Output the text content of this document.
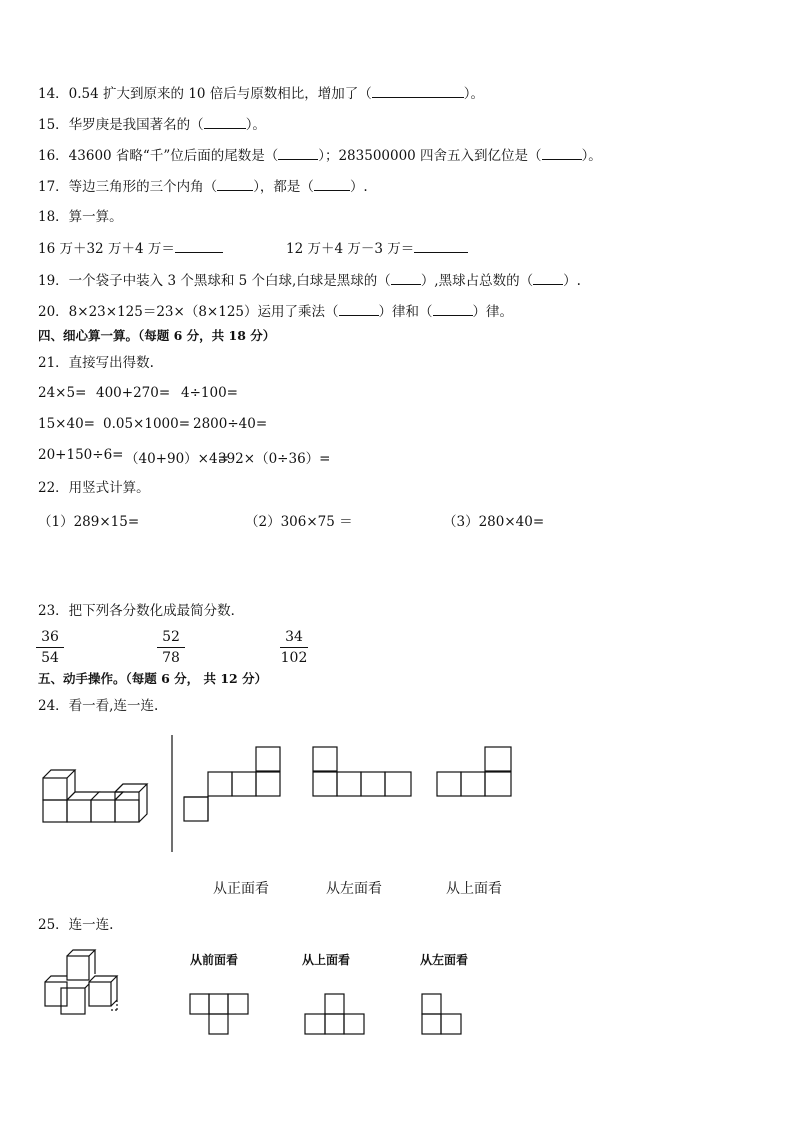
14．0.54 扩大到原来的 10 倍后与原数相比，增加了（	）。
15．华罗庚是我国著名的（	）。
16．43600 省略“千”位后面的尾数是（	）；283500000 四舍五入到亿位是（	）。
17．等边三角形的三个内角（	），都是（	）.
18．算一算。
16 万＋32 万＋4 万＝	12 万＋4 万－3 万＝
19．一个袋子中装入 3 个黑球和 5 个白球,白球是黑球的（ ）,黑球占总数的（ ）.
20．8×23×125＝23×（8×125）运用了乘法（	）律和（	）律。
四、细心算一算。（每题 6 分，共 18 分）
21．直接写出得数.
24×5= 400+270= 4÷100=
15×40= 0.05×1000= 2800÷40=
20+150÷6= （40+90）×4=
392×（0÷36）=
22．用竖式计算。
（1）289×15=	（2）306×75 ＝	（3）280×40=
23．把下列各分数化成最简分数．
36
54
52
78
34
102
五、动手操作。（每题 6 分， 共 12 分）
24．看一看,连一连.
从正面看	从左面看	从上面看
25．连一连.
从前面看	从上面看	从左面看
